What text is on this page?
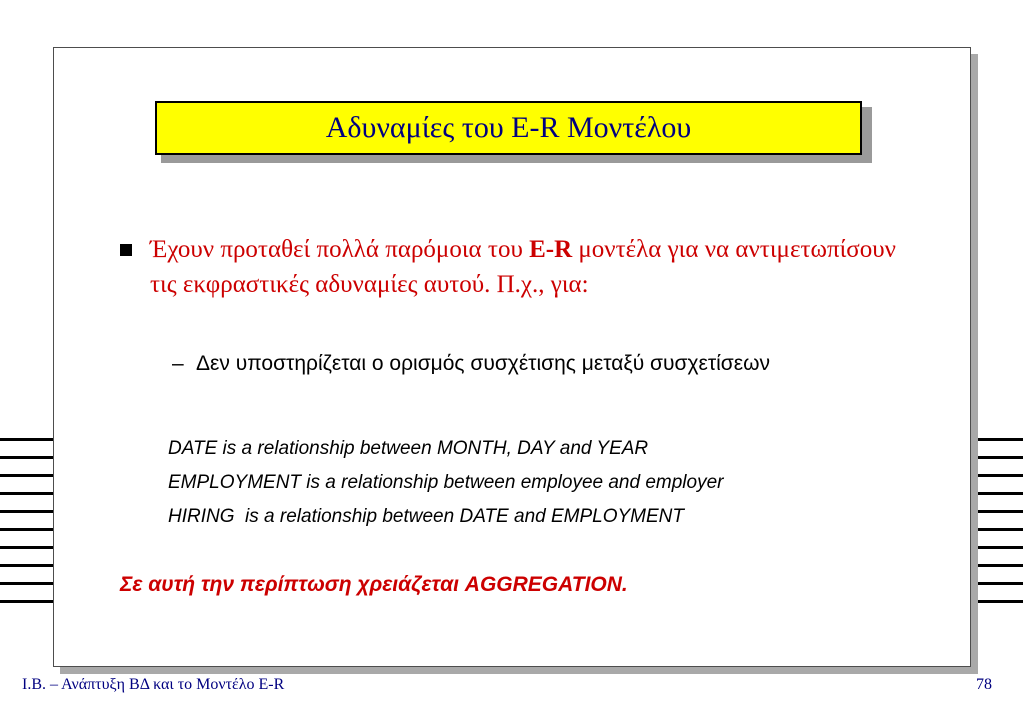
Αδυναμίες του E-R Μοντέλου
Έχουν προταθεί πολλά παρόμοια του E-R μοντέλα για να αντιμετωπίσουν τις εκφραστικές αδυναμίες αυτού. Π.χ., για:
– Δεν υποστηρίζεται ο ορισμός συσχέτισης μεταξύ συσχετίσεων
DATE is a relationship between MONTH, DAY and YEAR
EMPLOYMENT is a relationship between employee and employer
HIRING  is a relationship between DATE and EMPLOYMENT
Σε αυτή την περίπτωση χρειάζεται AGGREGATION.
Ι.Β. – Ανάπτυξη ΒΔ και το Μοντέλο E-R	78
